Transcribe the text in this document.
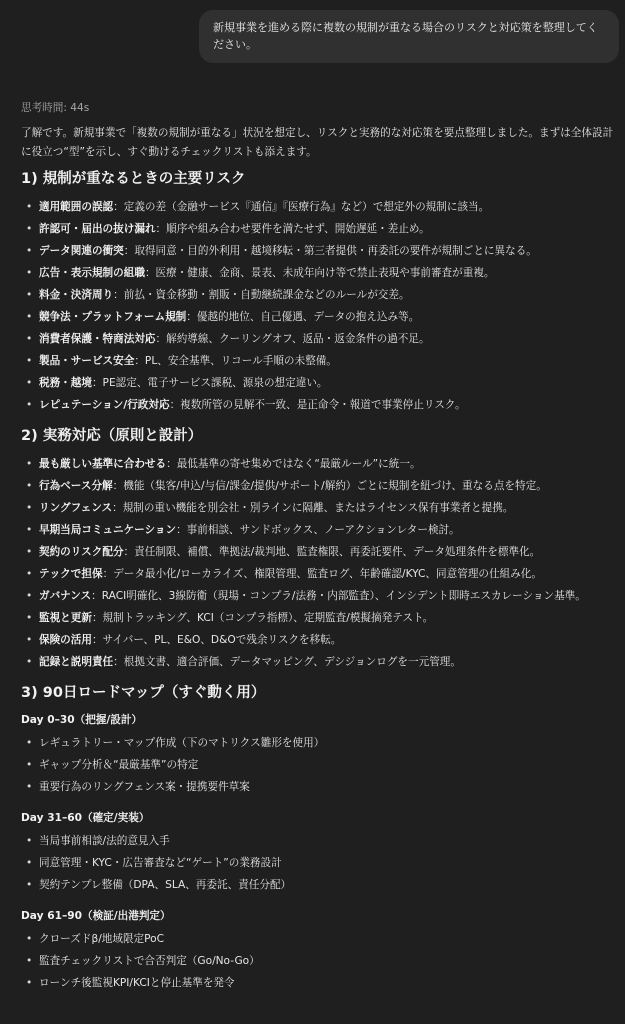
新規事業を進める際に複数の規制が重なる場合のリスクと対応策を整理してください。
思考時間: 44s
了解です。新規事業で「複数の規制が重なる」状況を想定し、リスクと実務的な対応策を要点整理しました。まずは全体設計に役立つ“型”を示し、すぐ動けるチェックリストも添えます。
1) 規制が重なるときの主要リスク
• 適用範囲の誤認：定義の差（金融サービス『通信』『医療行為』など）で想定外の規制に該当。
• 許認可・届出の抜け漏れ：順序や組み合わせ要件を満たせず、開始遅延・差止め。
• データ関連の衝突：取得同意・目的外利用・越境移転・第三者提供・再委託の要件が規制ごとに異なる。
• 広告・表示規制の組職：医療・健康、金商、景表、未成年向け等で禁止表現や事前審査が重複。
• 料金・決済周り：前払・資金移動・割販・自動継続課金などのルールが交差。
• 競争法・プラットフォーム規制：優越的地位、自己優遇、データの抱え込み等。
• 消費者保護・特商法対応：解約導線、クーリングオフ、返品・返金条件の過不足。
• 製品・サービス安全：PL、安全基準、リコール手順の未整備。
• 税務・越境：PE認定、電子サービス課税、源泉の想定違い。
• レピュテーション/行政対応：複数所管の見解不一致、是正命令・報道で事業停止リスク。
2) 実務対応（原則と設計）
• 最も厳しい基準に合わせる：最低基準の寄せ集めではなく“最厳ルール”に統一。
• 行為ベース分解：機能（集客/申込/与信/課金/提供/サポート/解約）ごとに規制を紐づけ、重なる点を特定。
• リングフェンス：規制の重い機能を別会社・別ラインに隔離、またはライセンス保有事業者と提携。
• 早期当局コミュニケーション：事前相談、サンドボックス、ノーアクションレター検討。
• 契約のリスク配分：責任制限、補償、準拠法/裁判地、監査権限、再委託要件、データ処理条件を標準化。
• テックで担保：データ最小化/ローカライズ、権限管理、監査ログ、年齢確認/KYC、同意管理の仕組み化。
• ガバナンス：RACI明確化、3線防衛（現場・コンプラ/法務・内部監査）、インシデント即時エスカレーション基準。
• 監視と更新：規制トラッキング、KCI（コンプラ指標）、定期監査/模擬摘発テスト。
• 保険の活用：サイバー、PL、E&O、D&Oで残余リスクを移転。
• 記録と説明責任：根拠文書、適合評価、データマッピング、デシジョンログを一元管理。
3) 90日ロードマップ（すぐ動く用）
Day 0–30（把握/設計）
• レギュラトリー・マップ作成（下のマトリクス雛形を使用）
• ギャップ分析＆“最厳基準”の特定
• 重要行為のリングフェンス案・提携要件草案
Day 31–60（確定/実装）
• 当局事前相談/法的意見入手
• 同意管理・KYC・広告審査など“ゲート”の業務設計
• 契約テンプレ整備（DPA、SLA、再委託、責任分配）
Day 61–90（検証/出港判定）
• クローズドβ/地域限定PoC
• 監査チェックリストで合否判定（Go/No-Go）
• ローンチ後監視KPI/KCIと停止基準を発令
